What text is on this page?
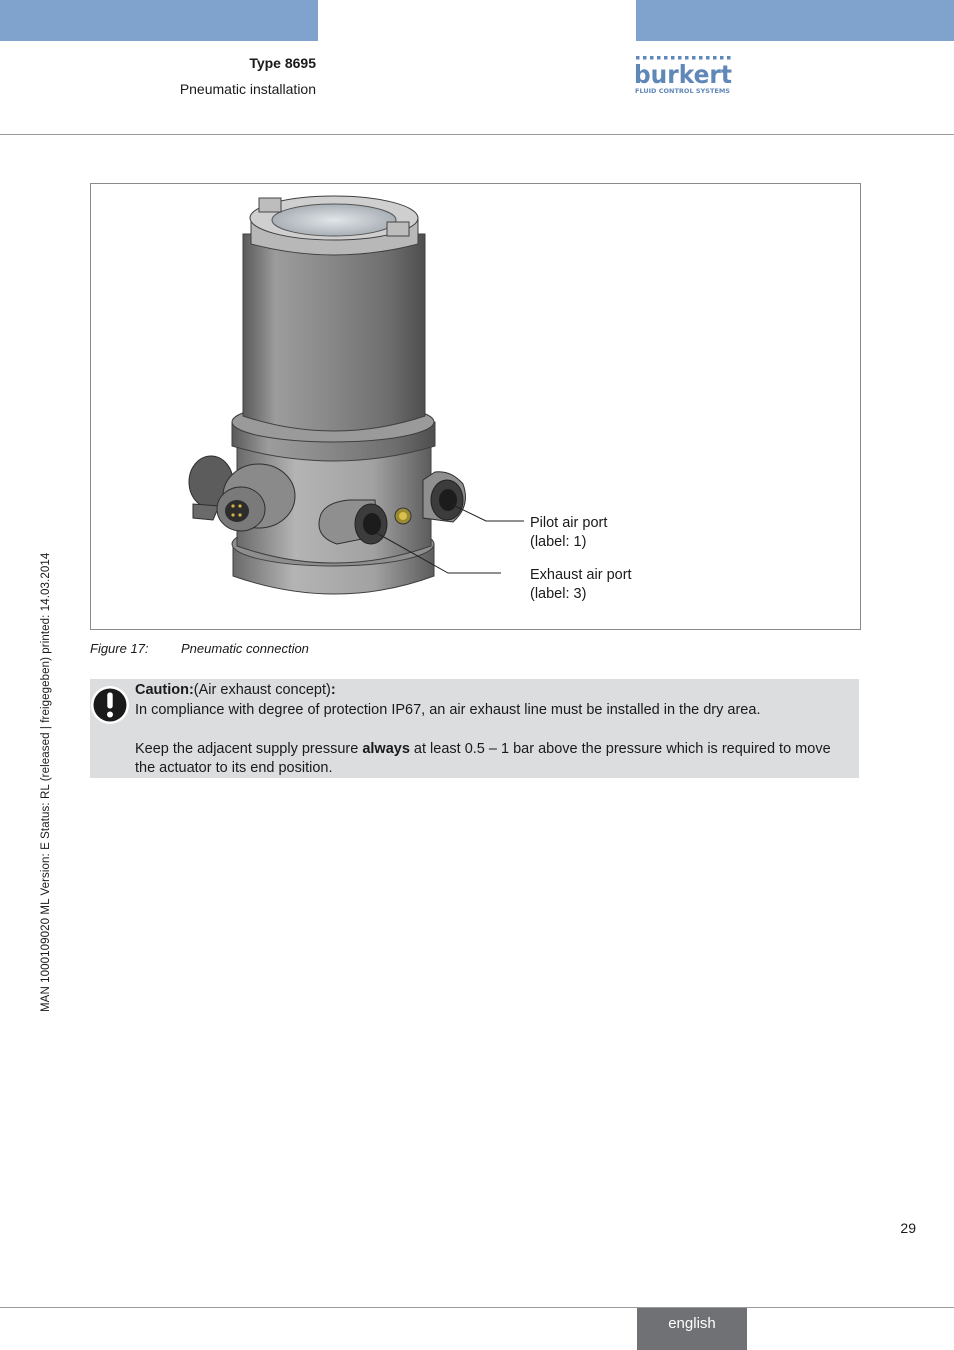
Type 8695
Pneumatic installation	burkert
FLUID CONTROL SYSTEMS
Pilot air port
(label: 1)
Exhaust air port
(label: 3)
Figure 17: Pneumatic connection

Caution:(Air exhaust concept):

In compliance with degree of protection IP67, an air exhaust line must be installed in the dry area.

Keep the adjacent supply pressure always at least 0.5 – 1 bar above the pressure which is required to move the actuator to its end position.

MAN 1000109020 ML Version: E Status: RL (released | freigegeben) printed: 14.03.2014
29
english
